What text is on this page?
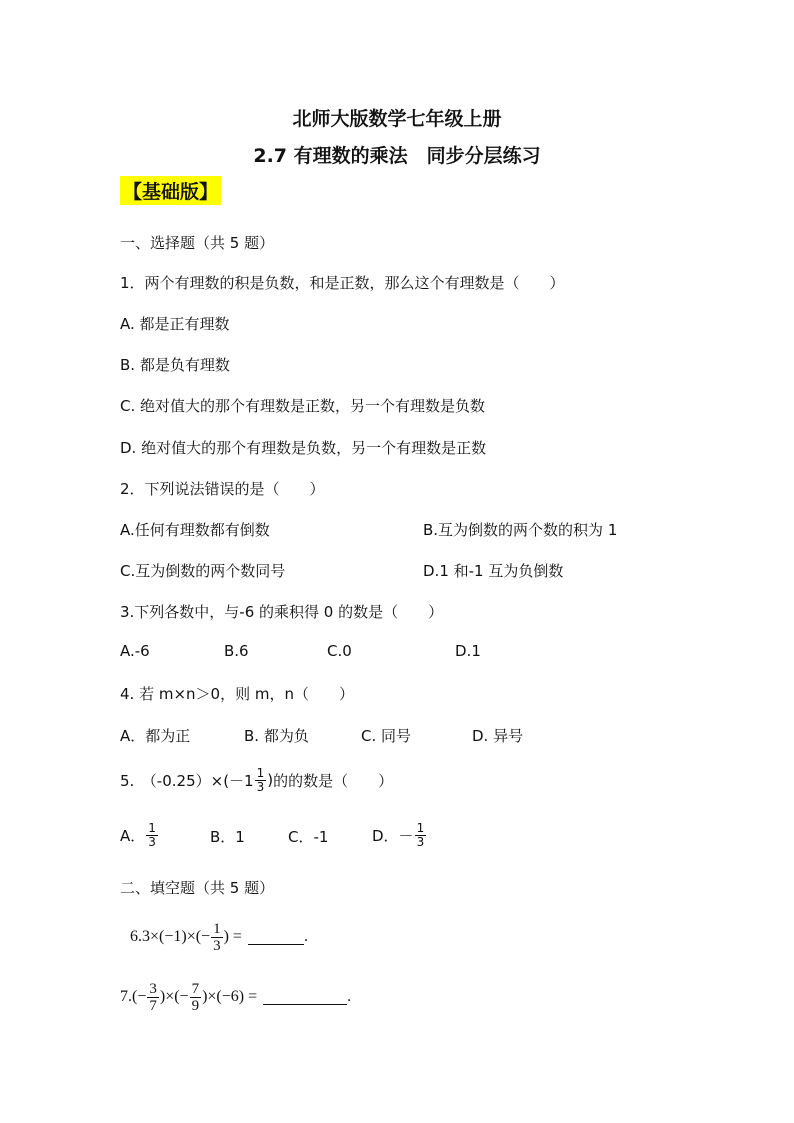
北师大版数学七年级上册
2.7 有理数的乘法　同步分层练习
【基础版】
一、选择题（共 5 题）
1．两个有理数的积是负数，和是正数，那么这个有理数是（　　）
A. 都是正有理数
B. 都是负有理数
C. 绝对值大的那个有理数是正数，另一个有理数是负数
D. 绝对值大的那个有理数是负数，另一个有理数是正数
2．下列说法错误的是（　　）
A.任何有理数都有倒数	B.互为倒数的两个数的积为 1
C.互为倒数的两个数同号	D.1 和-1 互为负倒数
3.下列各数中，与-6 的乘积得 0 的数是（　　）
A.-6	B.6	C.0	D.1
4. 若 m×n＞0，则 m，n（　　）
A．都为正	B. 都为负	C. 同号	D. 异号
5.　$(-0.25)\times (-1 \frac{1}{3}$ ) 的的数是（　　）
A． $\frac{1}{3}$	B．1	C．-1	D．－ $\frac{1}{3}$
二、填空题（共 5 题）
$6.3\times(-1)\times(- \frac{1}{3}$ ) =	.
$7.(- \frac{3}{7}$ )×(− $\frac{7}{9} )\times(-6)$ =	.
